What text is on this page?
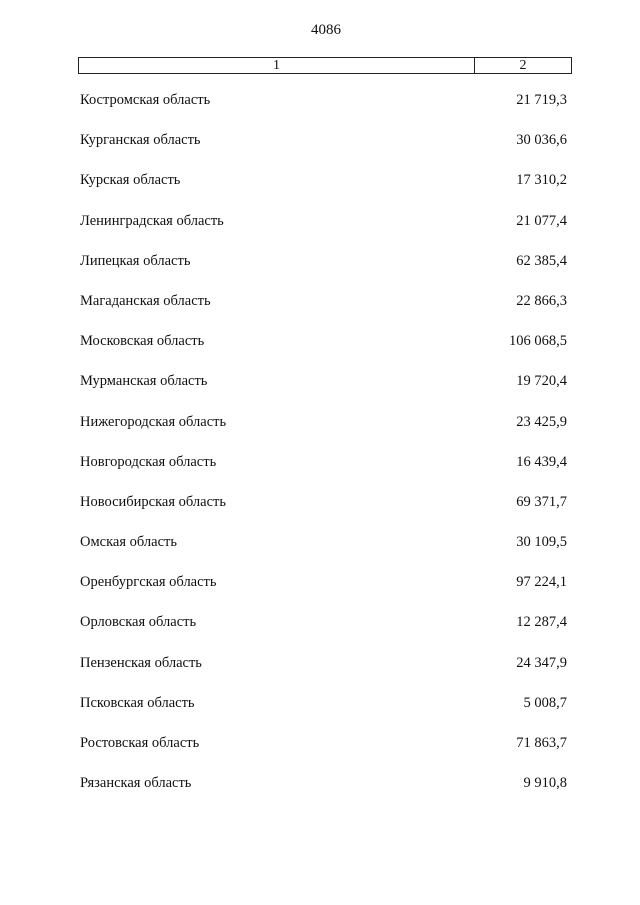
4086
1	2
Костромская область	21 719,3
Курганская область	30 036,6
Курская область	17 310,2
Ленинградская область	21 077,4
Липецкая область	62 385,4
Магаданская область	22 866,3
Московская область	106 068,5
Мурманская область	19 720,4
Нижегородская область	23 425,9
Новгородская область	16 439,4
Новосибирская область	69 371,7
Омская область	30 109,5
Оренбургская область	97 224,1
Орловская область	12 287,4
Пензенская область	24 347,9
Псковская область	5 008,7
Ростовская область	71 863,7
Рязанская область	9 910,8
